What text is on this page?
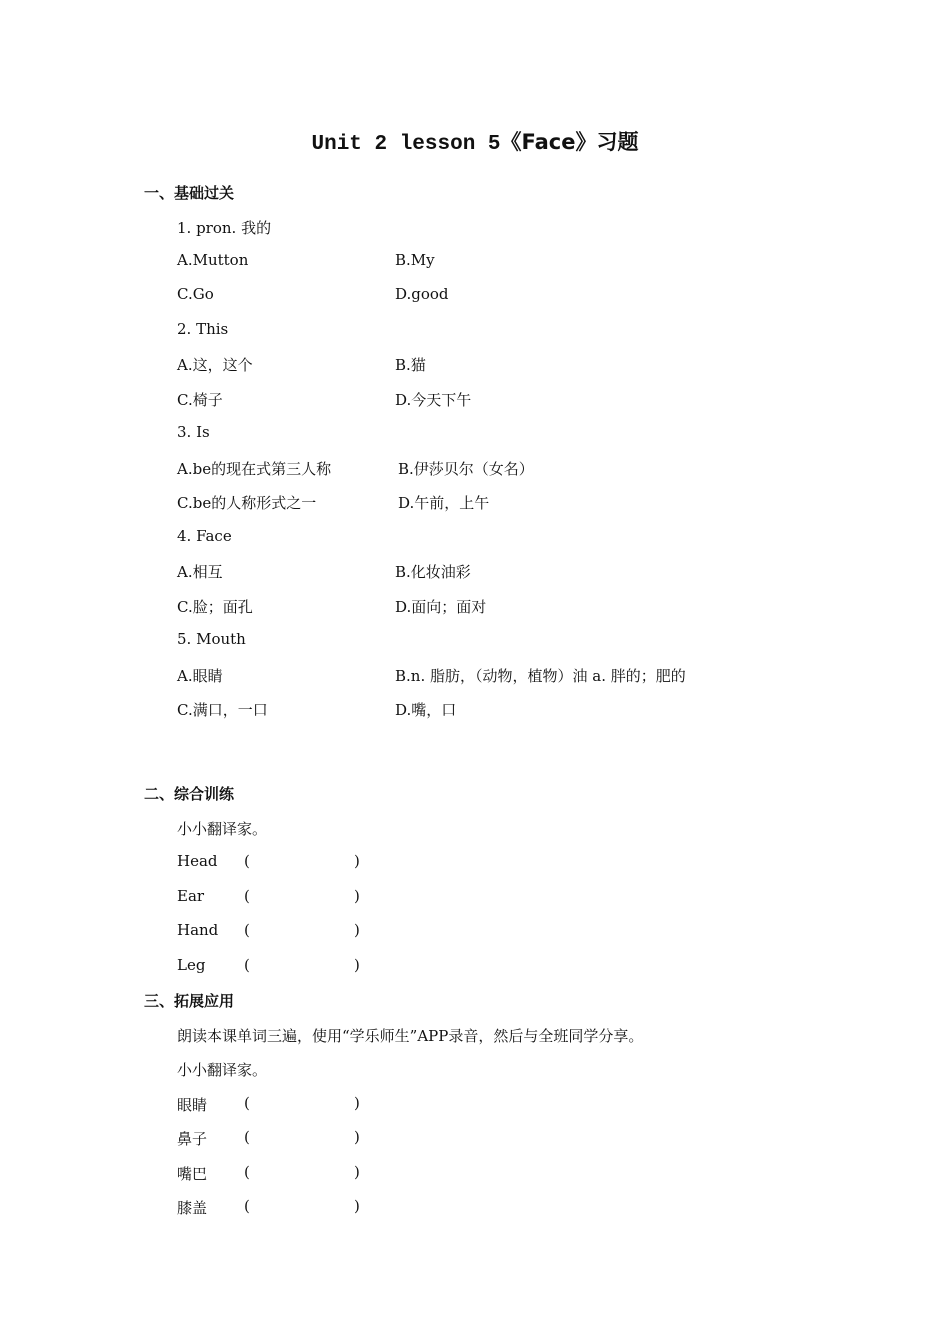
Unit 2 lesson 5《Face》习题
一、基础过关
1. pron. 我的
A.Mutton	B.My
C.Go	D.good
2. This
A.这，这个	B.猫
C.椅子	D.今天下午
3. Is
A.be的现在式第三人称	B.伊莎贝尔（女名）
C.be的人称形式之一	D.午前，上午
4. Face
A.相互	B.化妆油彩
C.脸；面孔	D.面向；面对
5. Mouth
A.眼睛	B.n. 脂肪，（动物，植物）油 a. 胖的；肥的
C.满口，一口	D.嘴，口
二、综合训练
小小翻译家。
Head (	)
Ear	(	)
Hand (	)
Leg	(	)
三、拓展应用
朗读本课单词三遍，使用“学乐师生”APP录音，然后与全班同学分享。
小小翻译家。
眼睛 (	)
鼻子 (	)
嘴巴 (	)
膝盖 (	)
